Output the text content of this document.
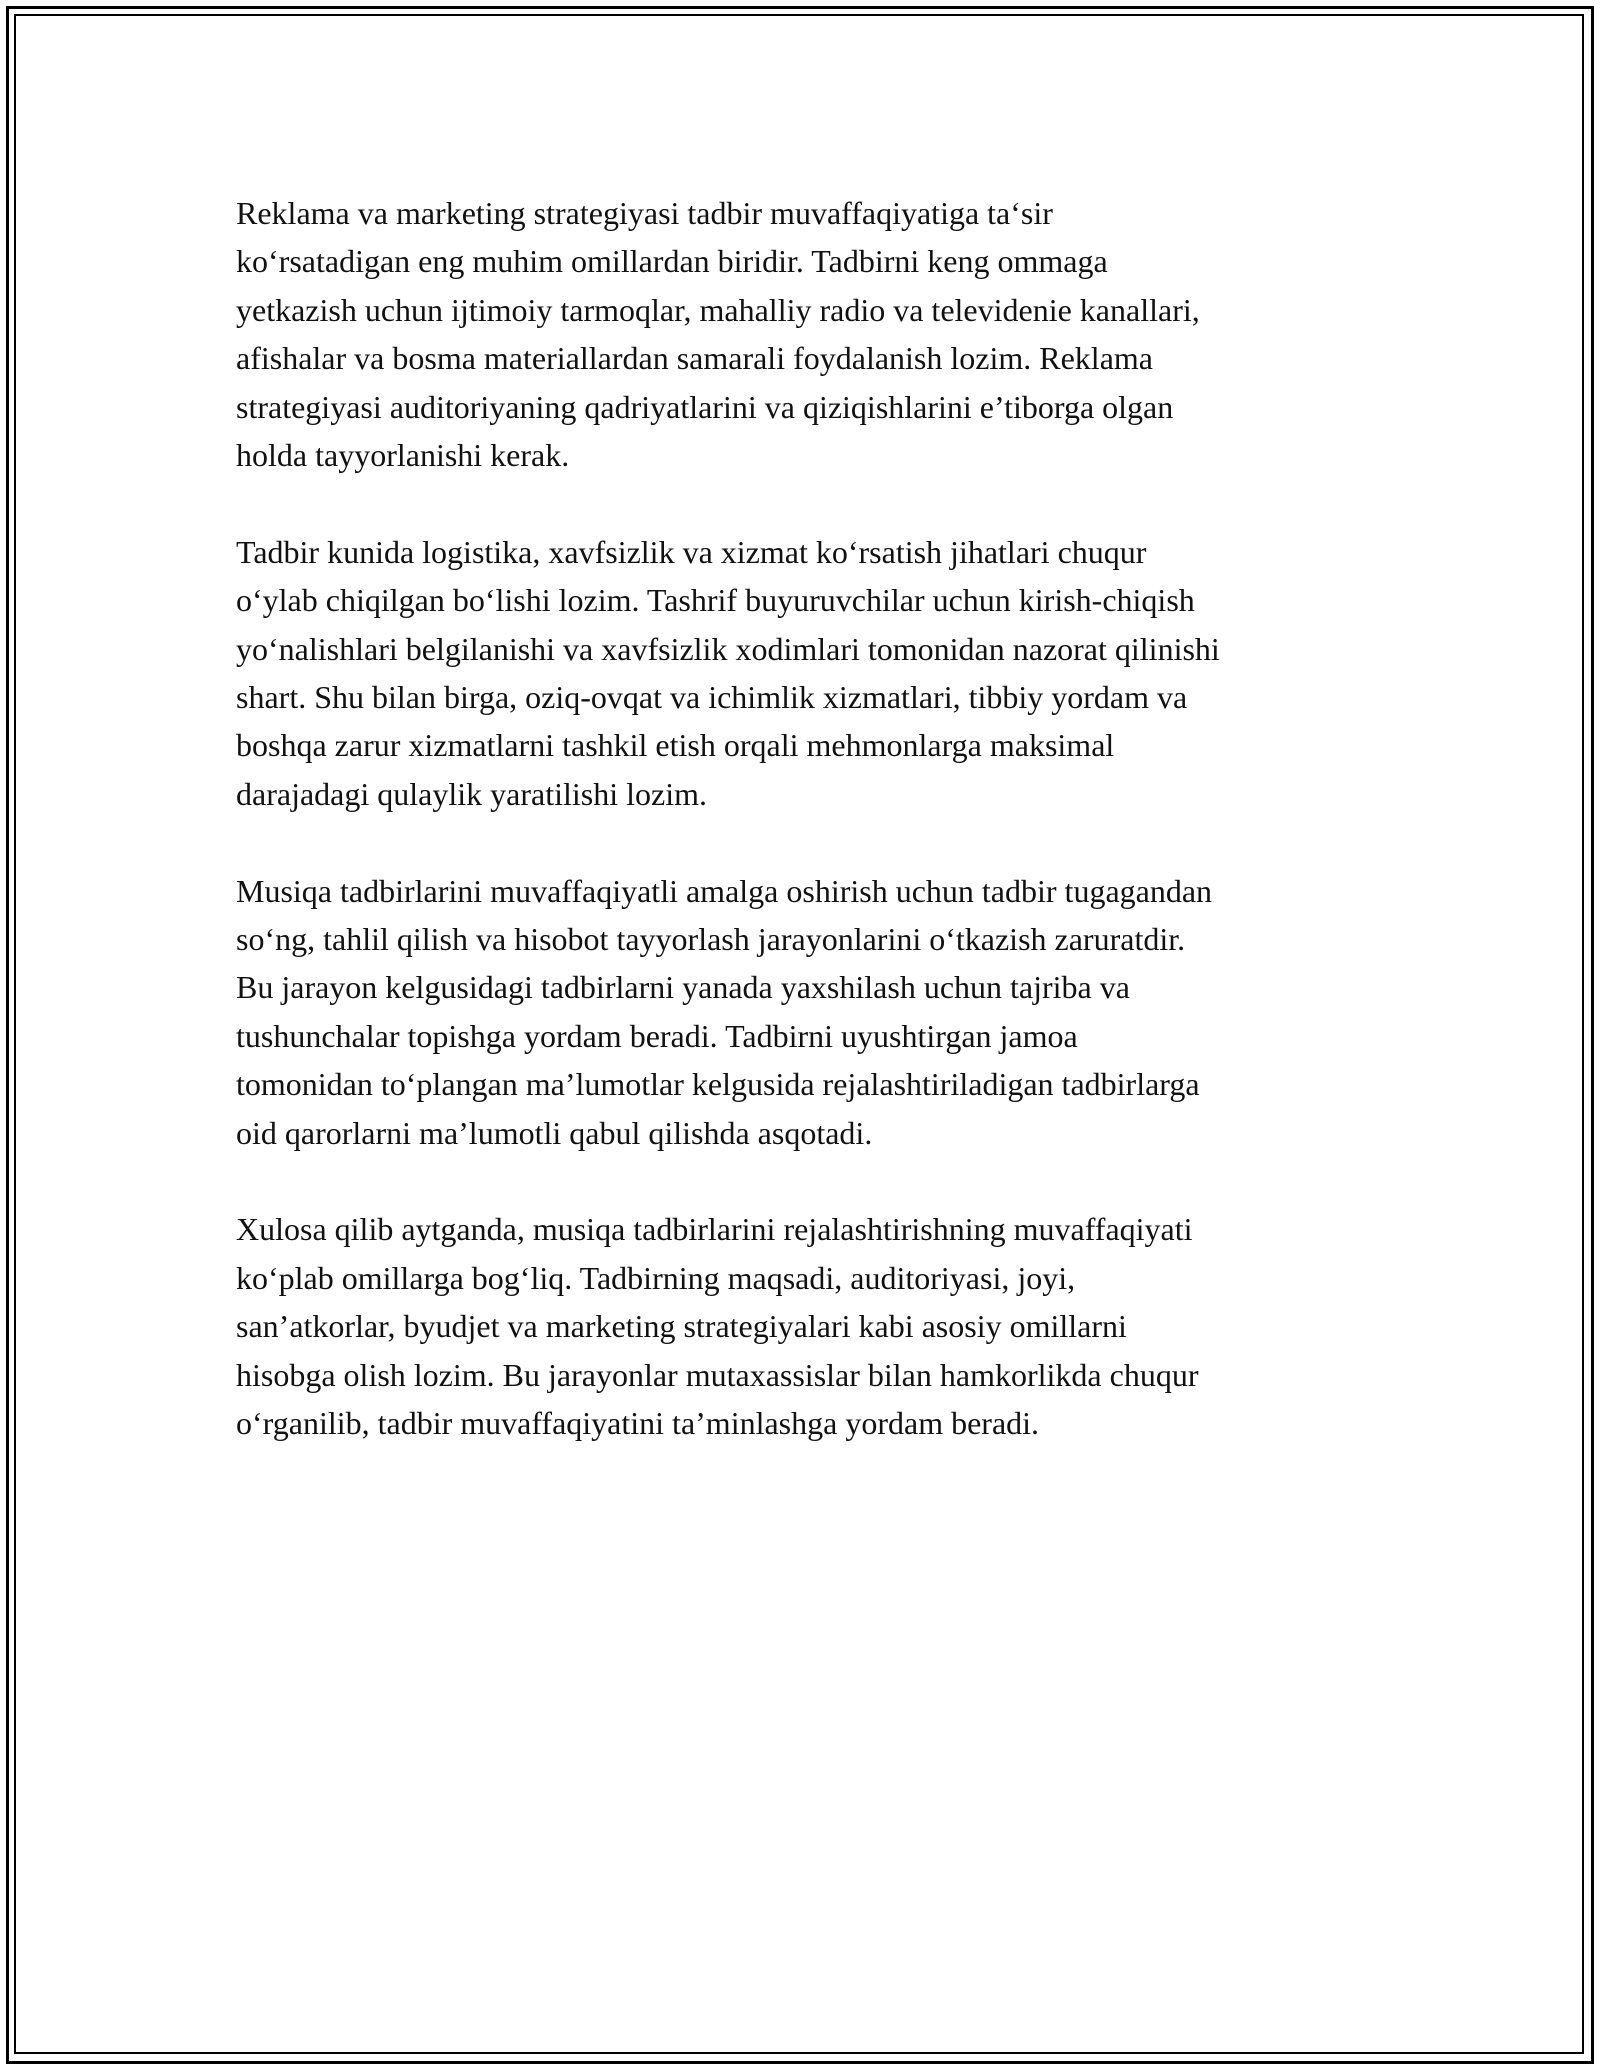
Reklama va marketing strategiyasi tadbir muvaffaqiyatiga taʻsir
koʻrsatadigan eng muhim omillardan biridir. Tadbirni keng ommaga
yetkazish uchun ijtimoiy tarmoqlar, mahalliy radio va televidenie kanallari,
afishalar va bosma materiallardan samarali foydalanish lozim. Reklama
strategiyasi auditoriyaning qadriyatlarini va qiziqishlarini e’tiborga olgan
holda tayyorlanishi kerak.

Tadbir kunida logistika, xavfsizlik va xizmat koʻrsatish jihatlari chuqur
oʻylab chiqilgan boʻlishi lozim. Tashrif buyuruvchilar uchun kirish-chiqish
yoʻnalishlari belgilanishi va xavfsizlik xodimlari tomonidan nazorat qilinishi
shart. Shu bilan birga, oziq-ovqat va ichimlik xizmatlari, tibbiy yordam va
boshqa zarur xizmatlarni tashkil etish orqali mehmonlarga maksimal
darajadagi qulaylik yaratilishi lozim.

Musiqa tadbirlarini muvaffaqiyatli amalga oshirish uchun tadbir tugagandan
soʻng, tahlil qilish va hisobot tayyorlash jarayonlarini oʻtkazish zaruratdir.
Bu jarayon kelgusidagi tadbirlarni yanada yaxshilash uchun tajriba va
tushunchalar topishga yordam beradi. Tadbirni uyushtirgan jamoa
tomonidan toʻplangan ma’lumotlar kelgusida rejalashtiriladigan tadbirlarga
oid qarorlarni ma’lumotli qabul qilishda asqotadi.

Xulosa qilib aytganda, musiqa tadbirlarini rejalashtirishning muvaffaqiyati
koʻplab omillarga bogʻliq. Tadbirning maqsadi, auditoriyasi, joyi,
san’atkorlar, byudjet va marketing strategiyalari kabi asosiy omillarni
hisobga olish lozim. Bu jarayonlar mutaxassislar bilan hamkorlikda chuqur
oʻrganilib, tadbir muvaffaqiyatini ta’minlashga yordam beradi.
